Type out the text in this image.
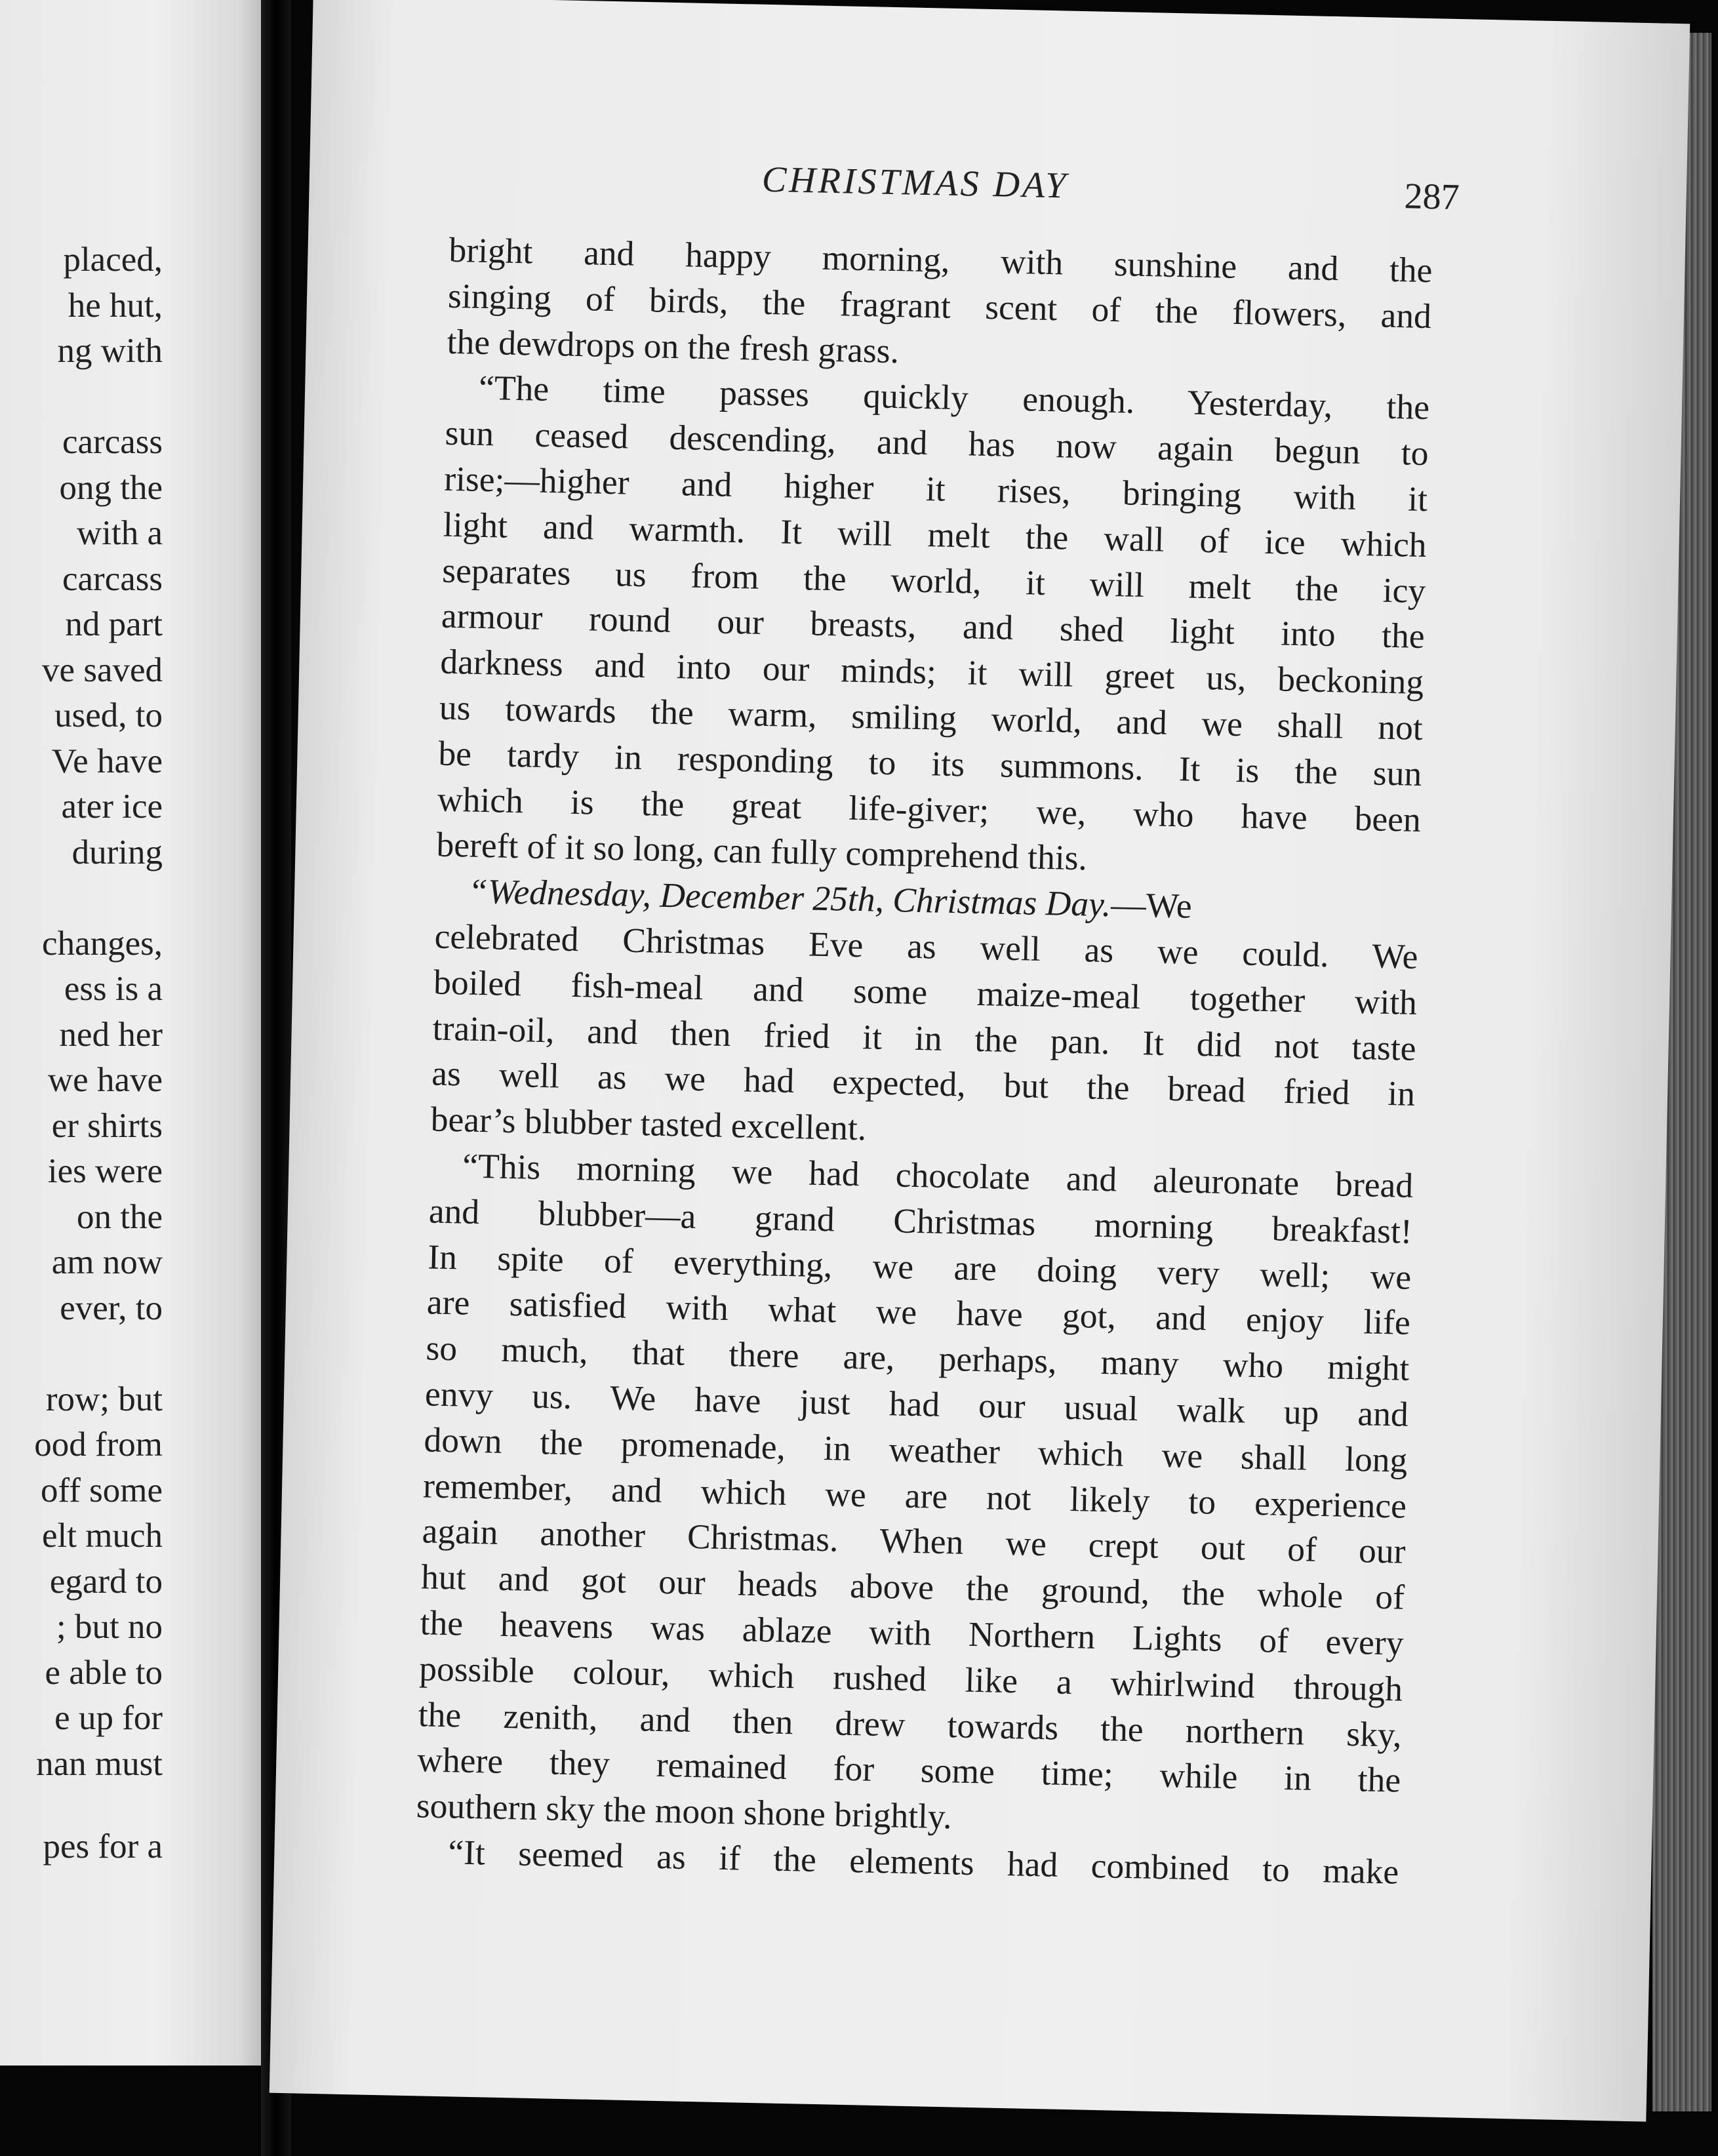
placed,
he hut,
ng with
carcass
ong the
with a
carcass
nd part
ve saved
used, to
Ve have
ater ice
during
changes,
ess is a
ned her
we have
er shirts
ies were
on the
am now
ever, to
row; but
ood from
off some
elt much
egard to
; but no
e able to
e up for
nan must
pes for a
CHRISTMAS DAY	287
bright and happy morning, with sunshine and the
singing of birds, the fragrant scent of the flowers, and
the dewdrops on the fresh grass.
“The time passes quickly enough. Yesterday, the
sun ceased descending, and has now again begun to
rise;—higher and higher it rises, bringing with it
light and warmth. It will melt the wall of ice which
separates us from the world, it will melt the icy
armour round our breasts, and shed light into the
darkness and into our minds; it will greet us, beckoning
us towards the warm, smiling world, and we shall not
be tardy in responding to its summons. It is the sun
which is the great life-giver; we, who have been
bereft of it so long, can fully comprehend this.
“Wednesday, December 25th, Christmas Day.—We
celebrated Christmas Eve as well as we could. We
boiled fish-meal and some maize-meal together with
train-oil, and then fried it in the pan. It did not taste
as well as we had expected, but the bread fried in
bear’s blubber tasted excellent.
“This morning we had chocolate and aleuronate bread
and blubber—a grand Christmas morning breakfast!
In spite of everything, we are doing very well; we
are satisfied with what we have got, and enjoy life
so much, that there are, perhaps, many who might
envy us. We have just had our usual walk up and
down the promenade, in weather which we shall long
remember, and which we are not likely to experience
again another Christmas. When we crept out of our
hut and got our heads above the ground, the whole of
the heavens was ablaze with Northern Lights of every
possible colour, which rushed like a whirlwind through
the zenith, and then drew towards the northern sky,
where they remained for some time; while in the
southern sky the moon shone brightly.
“It seemed as if the elements had combined to make
